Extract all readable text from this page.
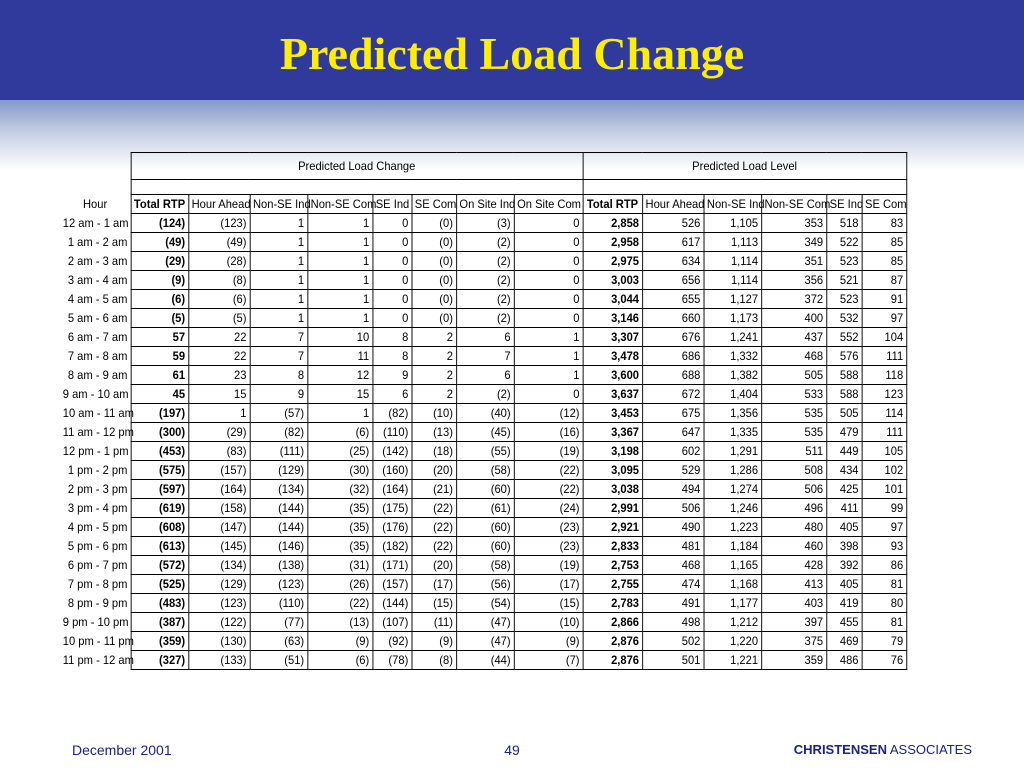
Predicted Load Change
	Predicted Load Change								Predicted Load Level					

Hour	Total RTP	Hour Ahead	Non-SE Ind	Non-SE Com	SE Ind	SE Com	On Site Ind	On Site Com	Total RTP	Hour Ahead	Non-SE Ind	Non-SE Com	SE Ind	SE Com
12 am - 1 am	(124)	(123)	1	1	0	(0)	(3)	0	2,858	526	1,105	353	518	83
1 am - 2 am	(49)	(49)	1	1	0	(0)	(2)	0	2,958	617	1,113	349	522	85
2 am - 3 am	(29)	(28)	1	1	0	(0)	(2)	0	2,975	634	1,114	351	523	85
3 am - 4 am	(9)	(8)	1	1	0	(0)	(2)	0	3,003	656	1,114	356	521	87
4 am - 5 am	(6)	(6)	1	1	0	(0)	(2)	0	3,044	655	1,127	372	523	91
5 am - 6 am	(5)	(5)	1	1	0	(0)	(2)	0	3,146	660	1,173	400	532	97
6 am - 7 am	57	22	7	10	8	2	6	1	3,307	676	1,241	437	552	104
7 am - 8 am	59	22	7	11	8	2	7	1	3,478	686	1,332	468	576	111
8 am - 9 am	61	23	8	12	9	2	6	1	3,600	688	1,382	505	588	118
9 am - 10 am	45	15	9	15	6	2	(2)	0	3,637	672	1,404	533	588	123
10 am - 11 am	(197)	1	(57)	1	(82)	(10)	(40)	(12)	3,453	675	1,356	535	505	114
11 am - 12 pm	(300)	(29)	(82)	(6)	(110)	(13)	(45)	(16)	3,367	647	1,335	535	479	111
12 pm - 1 pm	(453)	(83)	(111)	(25)	(142)	(18)	(55)	(19)	3,198	602	1,291	511	449	105
1 pm - 2 pm	(575)	(157)	(129)	(30)	(160)	(20)	(58)	(22)	3,095	529	1,286	508	434	102
2 pm - 3 pm	(597)	(164)	(134)	(32)	(164)	(21)	(60)	(22)	3,038	494	1,274	506	425	101
3 pm - 4 pm	(619)	(158)	(144)	(35)	(175)	(22)	(61)	(24)	2,991	506	1,246	496	411	99
4 pm - 5 pm	(608)	(147)	(144)	(35)	(176)	(22)	(60)	(23)	2,921	490	1,223	480	405	97
5 pm - 6 pm	(613)	(145)	(146)	(35)	(182)	(22)	(60)	(23)	2,833	481	1,184	460	398	93
6 pm - 7 pm	(572)	(134)	(138)	(31)	(171)	(20)	(58)	(19)	2,753	468	1,165	428	392	86
7 pm - 8 pm	(525)	(129)	(123)	(26)	(157)	(17)	(56)	(17)	2,755	474	1,168	413	405	81
8 pm - 9 pm	(483)	(123)	(110)	(22)	(144)	(15)	(54)	(15)	2,783	491	1,177	403	419	80
9 pm - 10 pm	(387)	(122)	(77)	(13)	(107)	(11)	(47)	(10)	2,866	498	1,212	397	455	81
10 pm - 11 pm	(359)	(130)	(63)	(9)	(92)	(9)	(47)	(9)	2,876	502	1,220	375	469	79
11 pm - 12 am	(327)	(133)	(51)	(6)	(78)	(8)	(44)	(7)	2,876	501	1,221	359	486	76
December 2001	49	CHRISTENSEN ASSOCIATES
